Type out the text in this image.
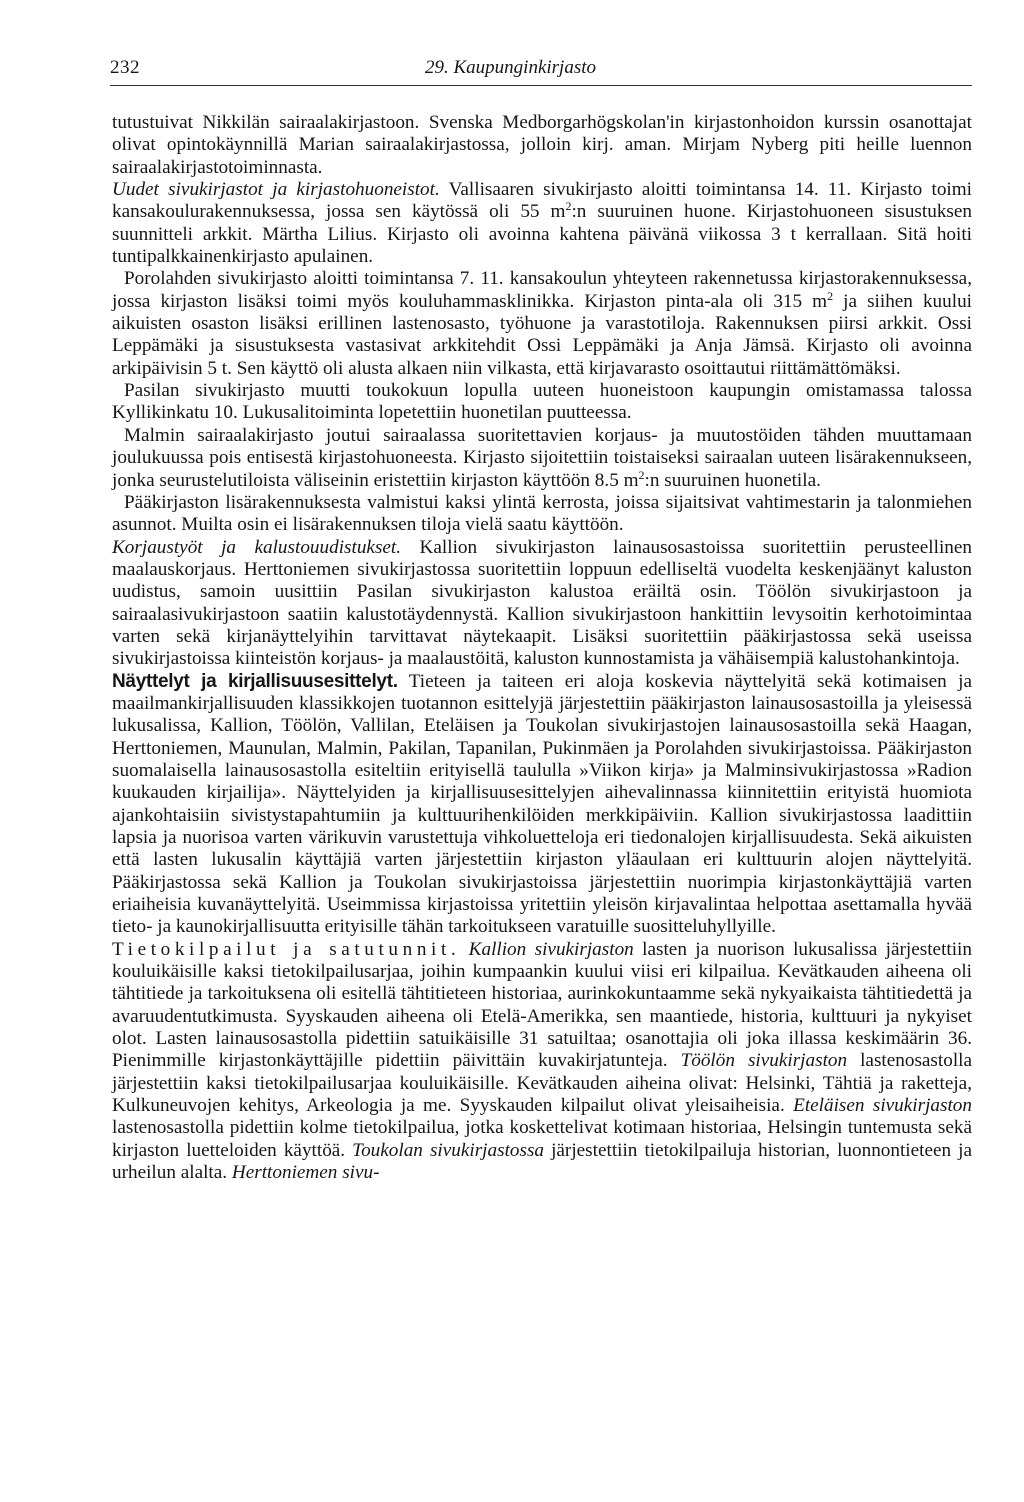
232	29. Kaupunginkirjasto

tutustuivat Nikkilän sairaalakirjastoon. Svenska Medborgarhögskolan'in kirjastonhoidon kurssin osanottajat olivat opintokäynnillä Marian sairaalakirjastossa, jolloin kirj. aman. Mirjam Nyberg piti heille luennon sairaalakirjastotoiminnasta.

Uudet sivukirjastot ja kirjastohuoneistot. Vallisaaren sivukirjasto aloitti toimintansa 14. 11. Kirjasto toimi kansakoulurakennuksessa, jossa sen käytössä oli 55 $m^2:n$ suuruinen huone. Kirjastohuoneen sisustuksen suunnitteli arkkit. Märtha Lilius. Kirjasto oli avoinna kahtena päivänä viikossa 3 t kerrallaan. Sitä hoiti tuntipalkkainenkirjasto apulainen.

Porolahden sivukirjasto aloitti toimintansa 7. 11. kansakoulun yhteyteen rakennetussa kirjastorakennuksessa, jossa kirjaston lisäksi toimi myös kouluhammasklinikka. Kirjaston pinta-ala oli 315 $m^2$ ja siihen kuului aikuisten osaston lisäksi erillinen lastenosasto, työhuone ja varastotiloja. Rakennuksen piirsi arkkit. Ossi Leppämäki ja sisustuksesta vastasivat arkkitehdit Ossi Leppämäki ja Anja Jämsä. Kirjasto oli avoinna arkipäivisin 5 t. Sen käyttö oli alusta alkaen niin vilkasta, että kirjavarasto osoittautui riittämättömäksi.

Pasilan sivukirjasto muutti toukokuun lopulla uuteen huoneistoon kaupungin omistamassa talossa Kyllikinkatu 10. Lukusalitoiminta lopetettiin huonetilan puutteessa.

Malmin sairaalakirjasto joutui sairaalassa suoritettavien korjaus- ja muutostöiden tähden muuttamaan joulukuussa pois entisestä kirjastohuoneesta. Kirjasto sijoitettiin toistaiseksi sairaalan uuteen lisärakennukseen, jonka seurustelutiloista väliseinin eristettiin kirjaston käyttöön 8.5 $m^2:n$ suuruinen huonetila.

Pääkirjaston lisärakennuksesta valmistui kaksi ylintä kerrosta, joissa sijaitsivat vahtimestarin ja talonmiehen asunnot. Muilta osin ei lisärakennuksen tiloja vielä saatu käyttöön.

Korjaustyöt ja kalustouudistukset. Kallion sivukirjaston lainausosastoissa suoritettiin perusteellinen maalauskorjaus. Herttoniemen sivukirjastossa suoritettiin loppuun edelliseltä vuodelta keskenjäänyt kaluston uudistus, samoin uusittiin Pasilan sivukirjaston kalustoa eräiltä osin. Töölön sivukirjastoon ja sairaalasivukirjastoon saatiin kalustotäydennystä. Kallion sivukirjastoon hankittiin levysoitin kerhotoimintaa varten sekä kirjanäyttelyihin tarvittavat näytekaapit. Lisäksi suoritettiin pääkirjastossa sekä useissa sivukirjastoissa kiinteistön korjaus- ja maalaustöitä, kaluston kunnostamista ja vähäisempiä kalustohankintoja.

Näyttelyt ja kirjallisuusesittelyt. Tieteen ja taiteen eri aloja koskevia näyttelyitä sekä kotimaisen ja maailmankirjallisuuden klassikkojen tuotannon esittelyjä järjestettiin pääkirjaston lainausosastoilla ja yleisessä lukusalissa, Kallion, Töölön, Vallilan, Eteläisen ja Toukolan sivukirjastojen lainausosastoilla sekä Haagan, Herttoniemen, Maunulan, Malmin, Pakilan, Tapanilan, Pukinmäen ja Porolahden sivukirjastoissa. Pääkirjaston suomalaisella lainausosastolla esiteltiin erityisellä taululla »Viikon kirja» ja Malminsivukirjastossa »Radion kuukauden kirjailija». Näyttelyiden ja kirjallisuusesittelyjen aihevalinnassa kiinnitettiin erityistä huomiota ajankohtaisiin sivistystapahtumiin ja kulttuurihenkilöiden merkkipäiviin. Kallion sivukirjastossa laadittiin lapsia ja nuorisoa varten värikuvin varustettuja vihkoluetteloja eri tiedonalojen kirjallisuudesta. Sekä aikuisten että lasten lukusalin käyttäjiä varten järjestettiin kirjaston yläaulaan eri kulttuurin alojen näyttelyitä. Pääkirjastossa sekä Kallion ja Toukolan sivukirjastoissa järjestettiin nuorimpia kirjastonkäyttäjiä varten eriaiheisia kuvanäyttelyitä. Useimmissa kirjastoissa yritettiin yleisön kirjavalintaa helpottaa asettamalla hyvää tieto- ja kaunokirjallisuutta erityisille tähän tarkoitukseen varatuille suositteluhyllyille.

Tietokilpailut ja satutunnit. Kallion sivukirjaston lasten ja nuorison lukusalissa järjestettiin kouluikäisille kaksi tietokilpailusarjaa, joihin kumpaankin kuului viisi eri kilpailua. Kevätkauden aiheena oli tähtitiede ja tarkoituksena oli esitellä tähtitieteen historiaa, aurinkokuntaamme sekä nykyaikaista tähtitiedettä ja avaruudentutkimusta. Syyskauden aiheena oli Etelä-Amerikka, sen maantiede, historia, kulttuuri ja nykyiset olot. Lasten lainausosastolla pidettiin satuikäisille 31 satuiltaa; osanottajia oli joka illassa keskimäärin 36. Pienimmille kirjastonkäyttäjille pidettiin päivittäin kuvakirjatunteja. Töölön sivukirjaston lastenosastolla järjestettiin kaksi tietokilpailusarjaa kouluikäisille. Kevätkauden aiheina olivat: Helsinki, Tähtiä ja raketteja, Kulkuneuvojen kehitys, Arkeologia ja me. Syyskauden kilpailut olivat yleisaiheisia. Eteläisen sivukirjaston lastenosastolla pidettiin kolme tietokilpailua, jotka koskettelivat kotimaan historiaa, Helsingin tuntemusta sekä kirjaston luetteloiden käyttöä. Toukolan sivukirjastossa järjestettiin tietokilpailuja historian, luonnontieteen ja urheilun alalta. Herttoniemen sivu-
